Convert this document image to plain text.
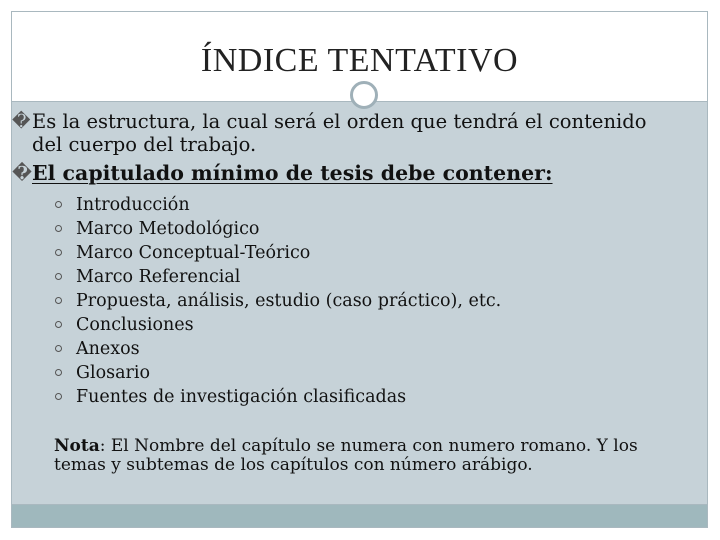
ÍNDICE TENTATIVO
� Es la estructura, la cual será el orden que tendrá el contenido del cuerpo del trabajo.
� El capitulado mínimo de tesis debe contener:
Introducción
Marco Metodológico
Marco Conceptual-Teórico
Marco Referencial
Propuesta, análisis, estudio (caso práctico), etc.
Conclusiones
Anexos
Glosario
Fuentes de investigación clasificadas
Nota: El Nombre del capítulo se numera con numero romano. Y los temas y subtemas de los capítulos con número arábigo.
